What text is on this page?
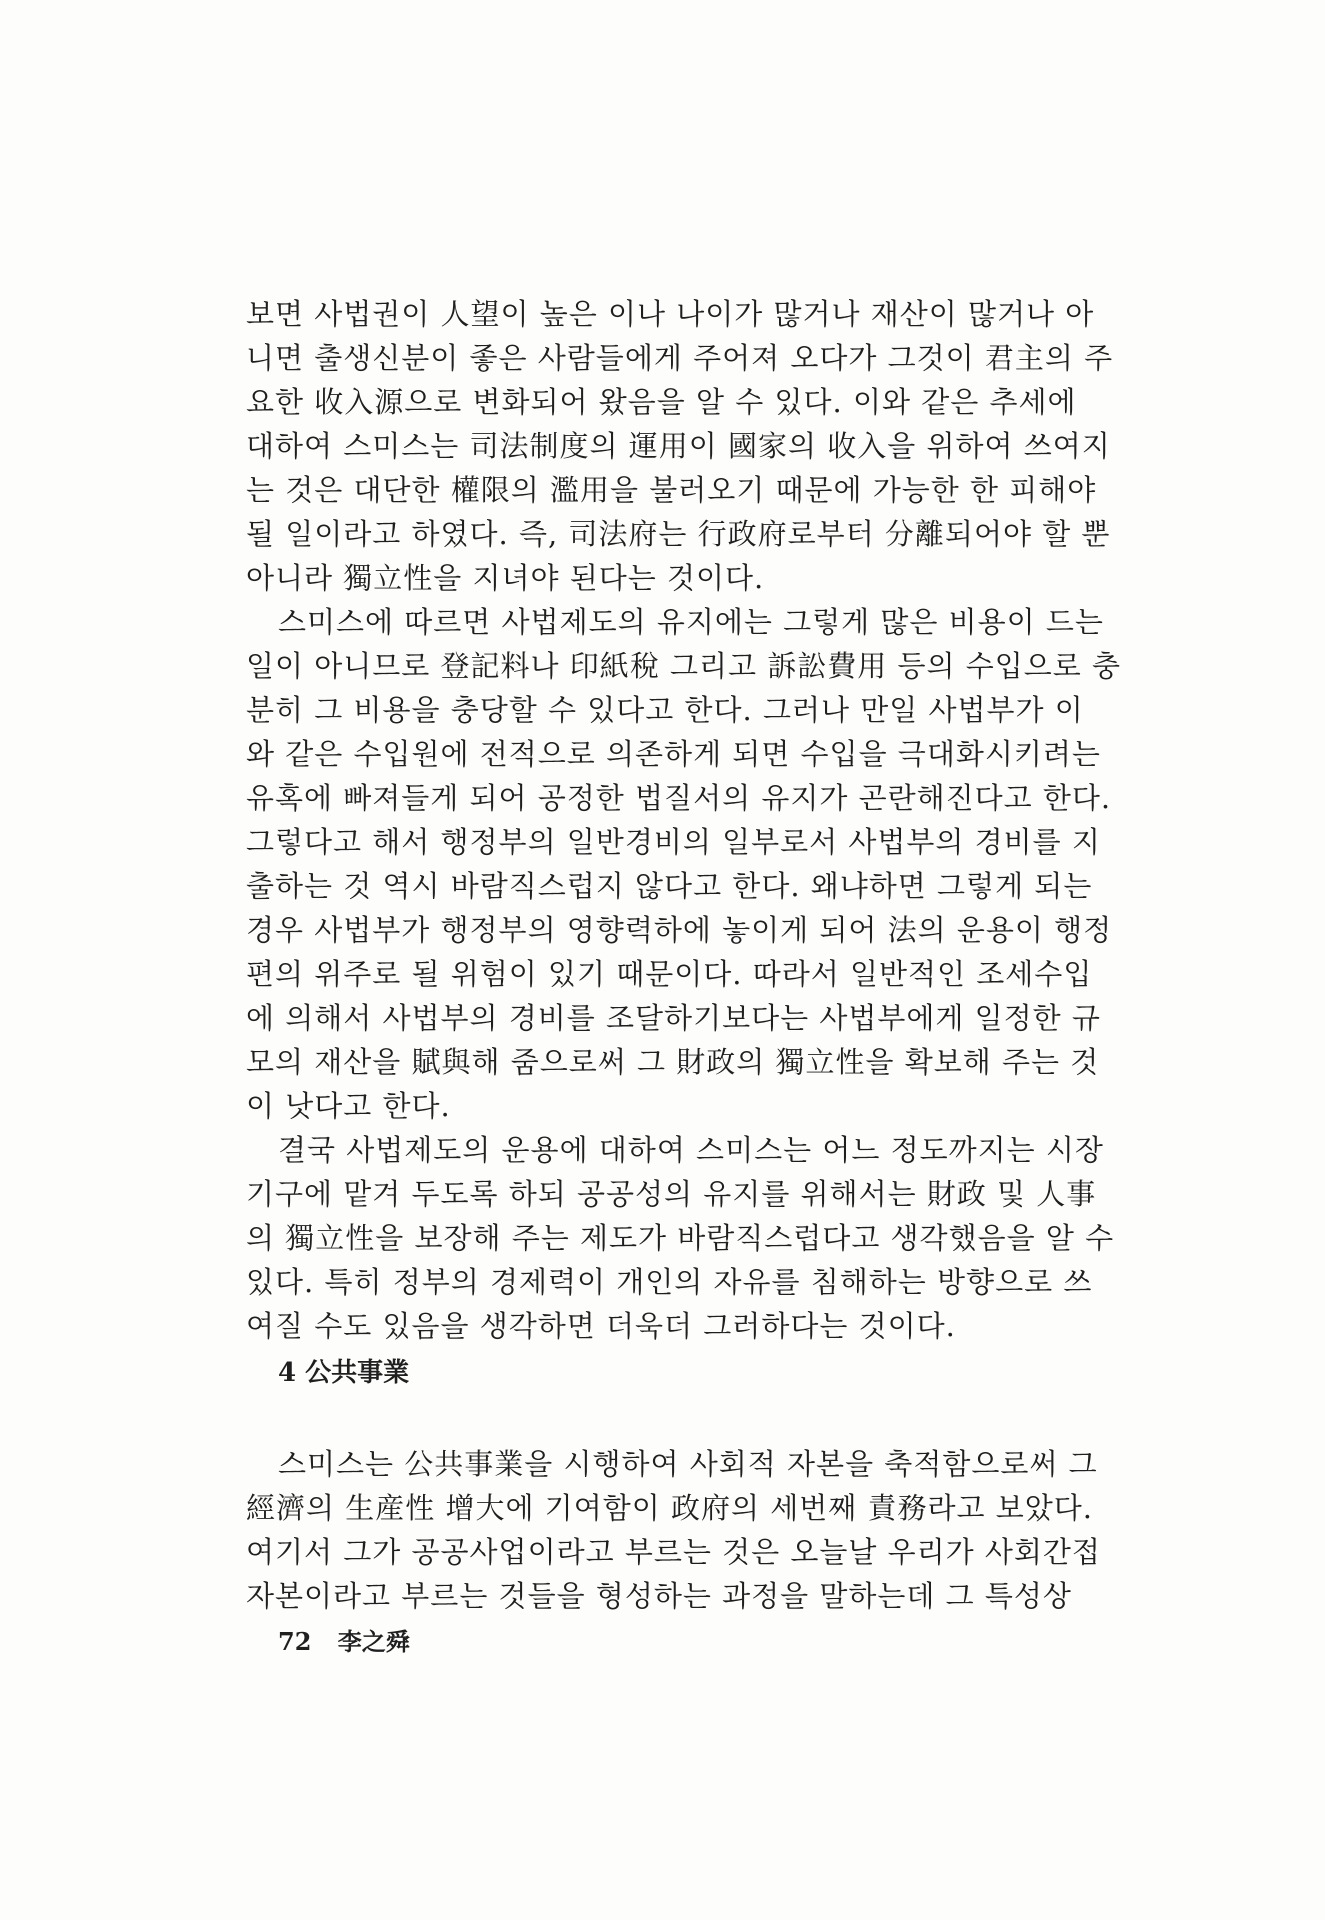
보면 사법권이 人望이 높은 이나 나이가 많거나 재산이 많거나 아
니면 출생신분이 좋은 사람들에게 주어져 오다가 그것이 君主의 주
요한 收入源으로 변화되어 왔음을 알 수 있다. 이와 같은 추세에
대하여 스미스는 司法制度의 運用이 國家의 收入을 위하여 쓰여지
는 것은 대단한 權限의 濫用을 불러오기 때문에 가능한 한 피해야
될 일이라고 하였다. 즉, 司法府는 行政府로부터 分離되어야 할 뿐
아니라 獨立性을 지녀야 된다는 것이다.
스미스에 따르면 사법제도의 유지에는 그렇게 많은 비용이 드는
일이 아니므로 登記料나 印紙稅 그리고 訴訟費用 등의 수입으로 충
분히 그 비용을 충당할 수 있다고 한다. 그러나 만일 사법부가 이
와 같은 수입원에 전적으로 의존하게 되면 수입을 극대화시키려는
유혹에 빠져들게 되어 공정한 법질서의 유지가 곤란해진다고 한다.
그렇다고 해서 행정부의 일반경비의 일부로서 사법부의 경비를 지
출하는 것 역시 바람직스럽지 않다고 한다. 왜냐하면 그렇게 되는
경우 사법부가 행정부의 영향력하에 놓이게 되어 法의 운용이 행정
편의 위주로 될 위험이 있기 때문이다. 따라서 일반적인 조세수입
에 의해서 사법부의 경비를 조달하기보다는 사법부에게 일정한 규
모의 재산을 賦與해 줌으로써 그 財政의 獨立性을 확보해 주는 것
이 낫다고 한다.
결국 사법제도의 운용에 대하여 스미스는 어느 정도까지는 시장
기구에 맡겨 두도록 하되 공공성의 유지를 위해서는 財政 및 人事
의 獨立性을 보장해 주는 제도가 바람직스럽다고 생각했음을 알 수
있다. 특히 정부의 경제력이 개인의 자유를 침해하는 방향으로 쓰
여질 수도 있음을 생각하면 더욱더 그러하다는 것이다.
4 公共事業
스미스는 公共事業을 시행하여 사회적 자본을 축적함으로써 그
經濟의 生産性 增大에 기여함이 政府의 세번째 責務라고 보았다.
여기서 그가 공공사업이라고 부르는 것은 오늘날 우리가 사회간접
자본이라고 부르는 것들을 형성하는 과정을 말하는데 그 특성상
72 李之舜
